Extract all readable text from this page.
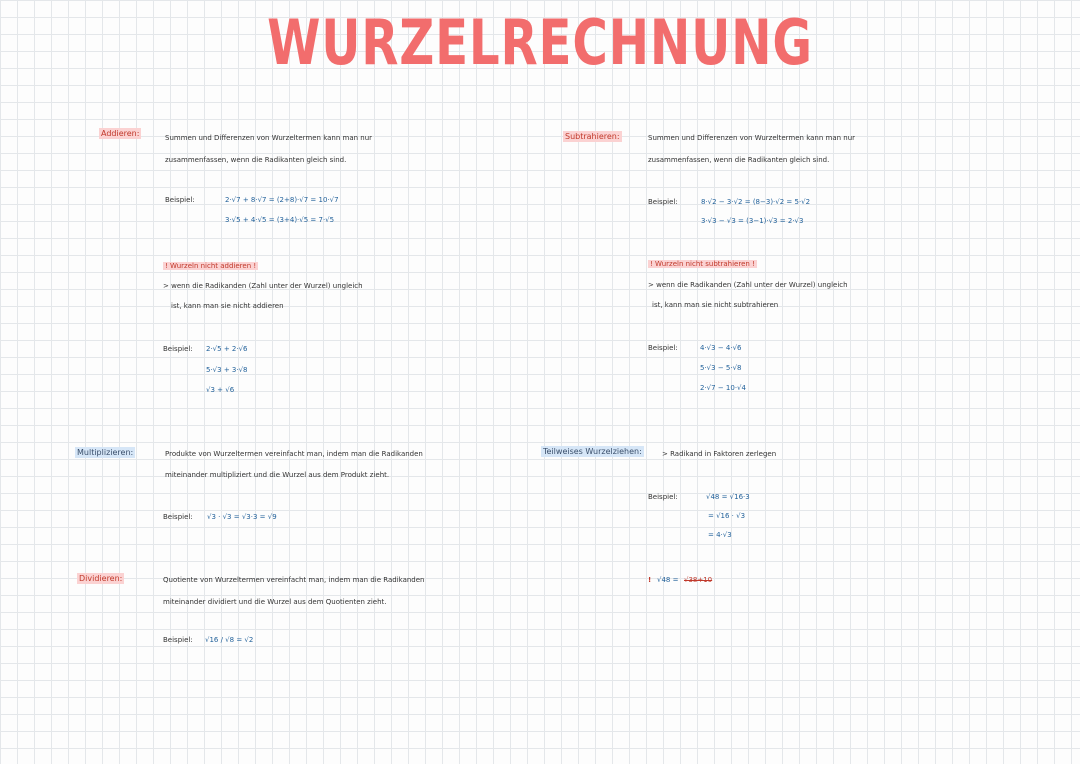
WURZELRECHNUNG
Addieren:	Summen und Differenzen von Wurzeltermen kann man nur
zusammenfassen, wenn die Radikanten gleich sind.
Beispiel:	2·√7 + 8·√7 = (2+8)·√7 = 10·√7
3·√5 + 4·√5 = (3+4)·√5 = 7·√5
! Wurzeln nicht addieren !
> wenn die Radikanden (Zahl unter der Wurzel) ungleich
ist, kann man sie nicht addieren
Beispiel: 2·√5 + 2·√6
5·√3 + 3·√8
√3 + √6
Subtrahieren:	Summen und Differenzen von Wurzeltermen kann man nur
zusammenfassen, wenn die Radikanten gleich sind.
Beispiel:	8·√2 − 3·√2 = (8−3)·√2 = 5·√2
3·√3 − √3 = (3−1)·√3 = 2·√3
! Wurzeln nicht subtrahieren !
> wenn die Radikanden (Zahl unter der Wurzel) ungleich
ist, kann man sie nicht subtrahieren
Beispiel:	4·√3 − 4·√6
5·√3 − 5·√8
2·√7 − 10·√4
Multiplizieren:	Produkte von Wurzeltermen vereinfacht man, indem man die Radikanden
miteinander multipliziert und die Wurzel aus dem Produkt zieht.
Beispiel: √3 · √3 = √3·3 = √9
Dividieren:	Quotiente von Wurzeltermen vereinfacht man, indem man die Radikanden
miteinander dividiert und die Wurzel aus dem Quotienten zieht.
Beispiel: √16 / √8 = √2
Teilweises Wurzelziehen:	> Radikand in Faktoren zerlegen
Beispiel:	√48 = √16·3
= √16 · √3
= 4·√3
! √48 = √38+10
